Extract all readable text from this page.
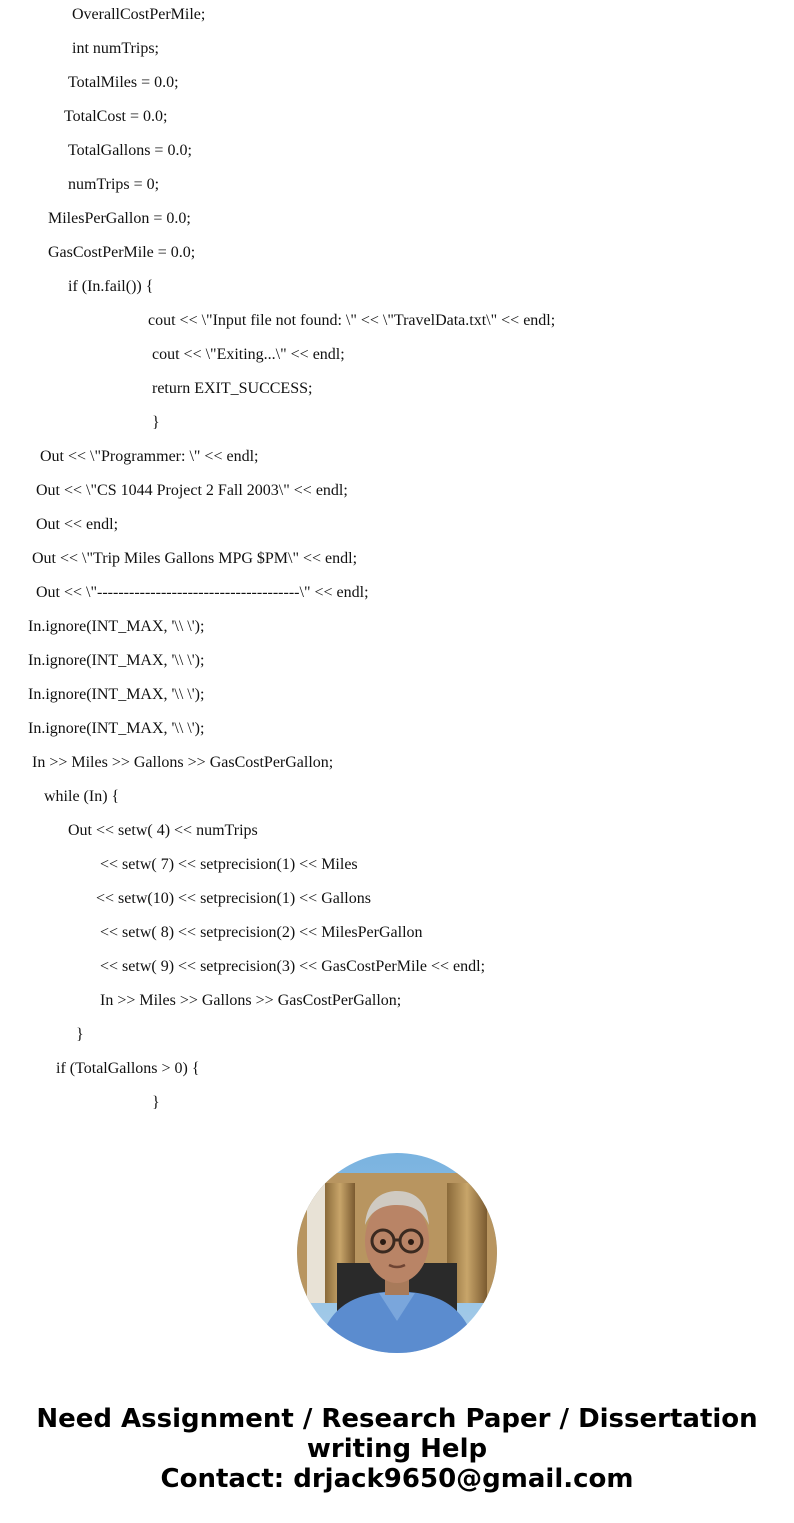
OverallCostPerMile;
int numTrips;
TotalMiles = 0.0;
TotalCost = 0.0;
TotalGallons = 0.0;
numTrips = 0;
MilesPerGallon = 0.0;
GasCostPerMile = 0.0;
if (In.fail()) {
cout << \"Input file not found: \" << \"TravelData.txt\" << endl;
cout << \"Exiting...\" << endl;
return EXIT_SUCCESS;
}
Out << \"Programmer: \" << endl;
Out << \"CS 1044 Project 2 Fall 2003\" << endl;
Out << endl;
Out << \"Trip Miles Gallons MPG $PM\" << endl;
Out << \"--------------------------------------\" << endl;
In.ignore(INT_MAX, '\\ \');
In.ignore(INT_MAX, '\\ \');
In.ignore(INT_MAX, '\\ \');
In.ignore(INT_MAX, '\\ \');
In >> Miles >> Gallons >> GasCostPerGallon;
while (In) {
Out << setw( 4) << numTrips
<< setw( 7) << setprecision(1) << Miles
<< setw(10) << setprecision(1) << Gallons
<< setw( 8) << setprecision(2) << MilesPerGallon
<< setw( 9) << setprecision(3) << GasCostPerMile << endl;
In >> Miles >> Gallons >> GasCostPerGallon;
}
if (TotalGallons > 0) {
}
Need Assignment / Research Paper / Dissertation
writing Help
Contact: drjack9650@gmail.com
